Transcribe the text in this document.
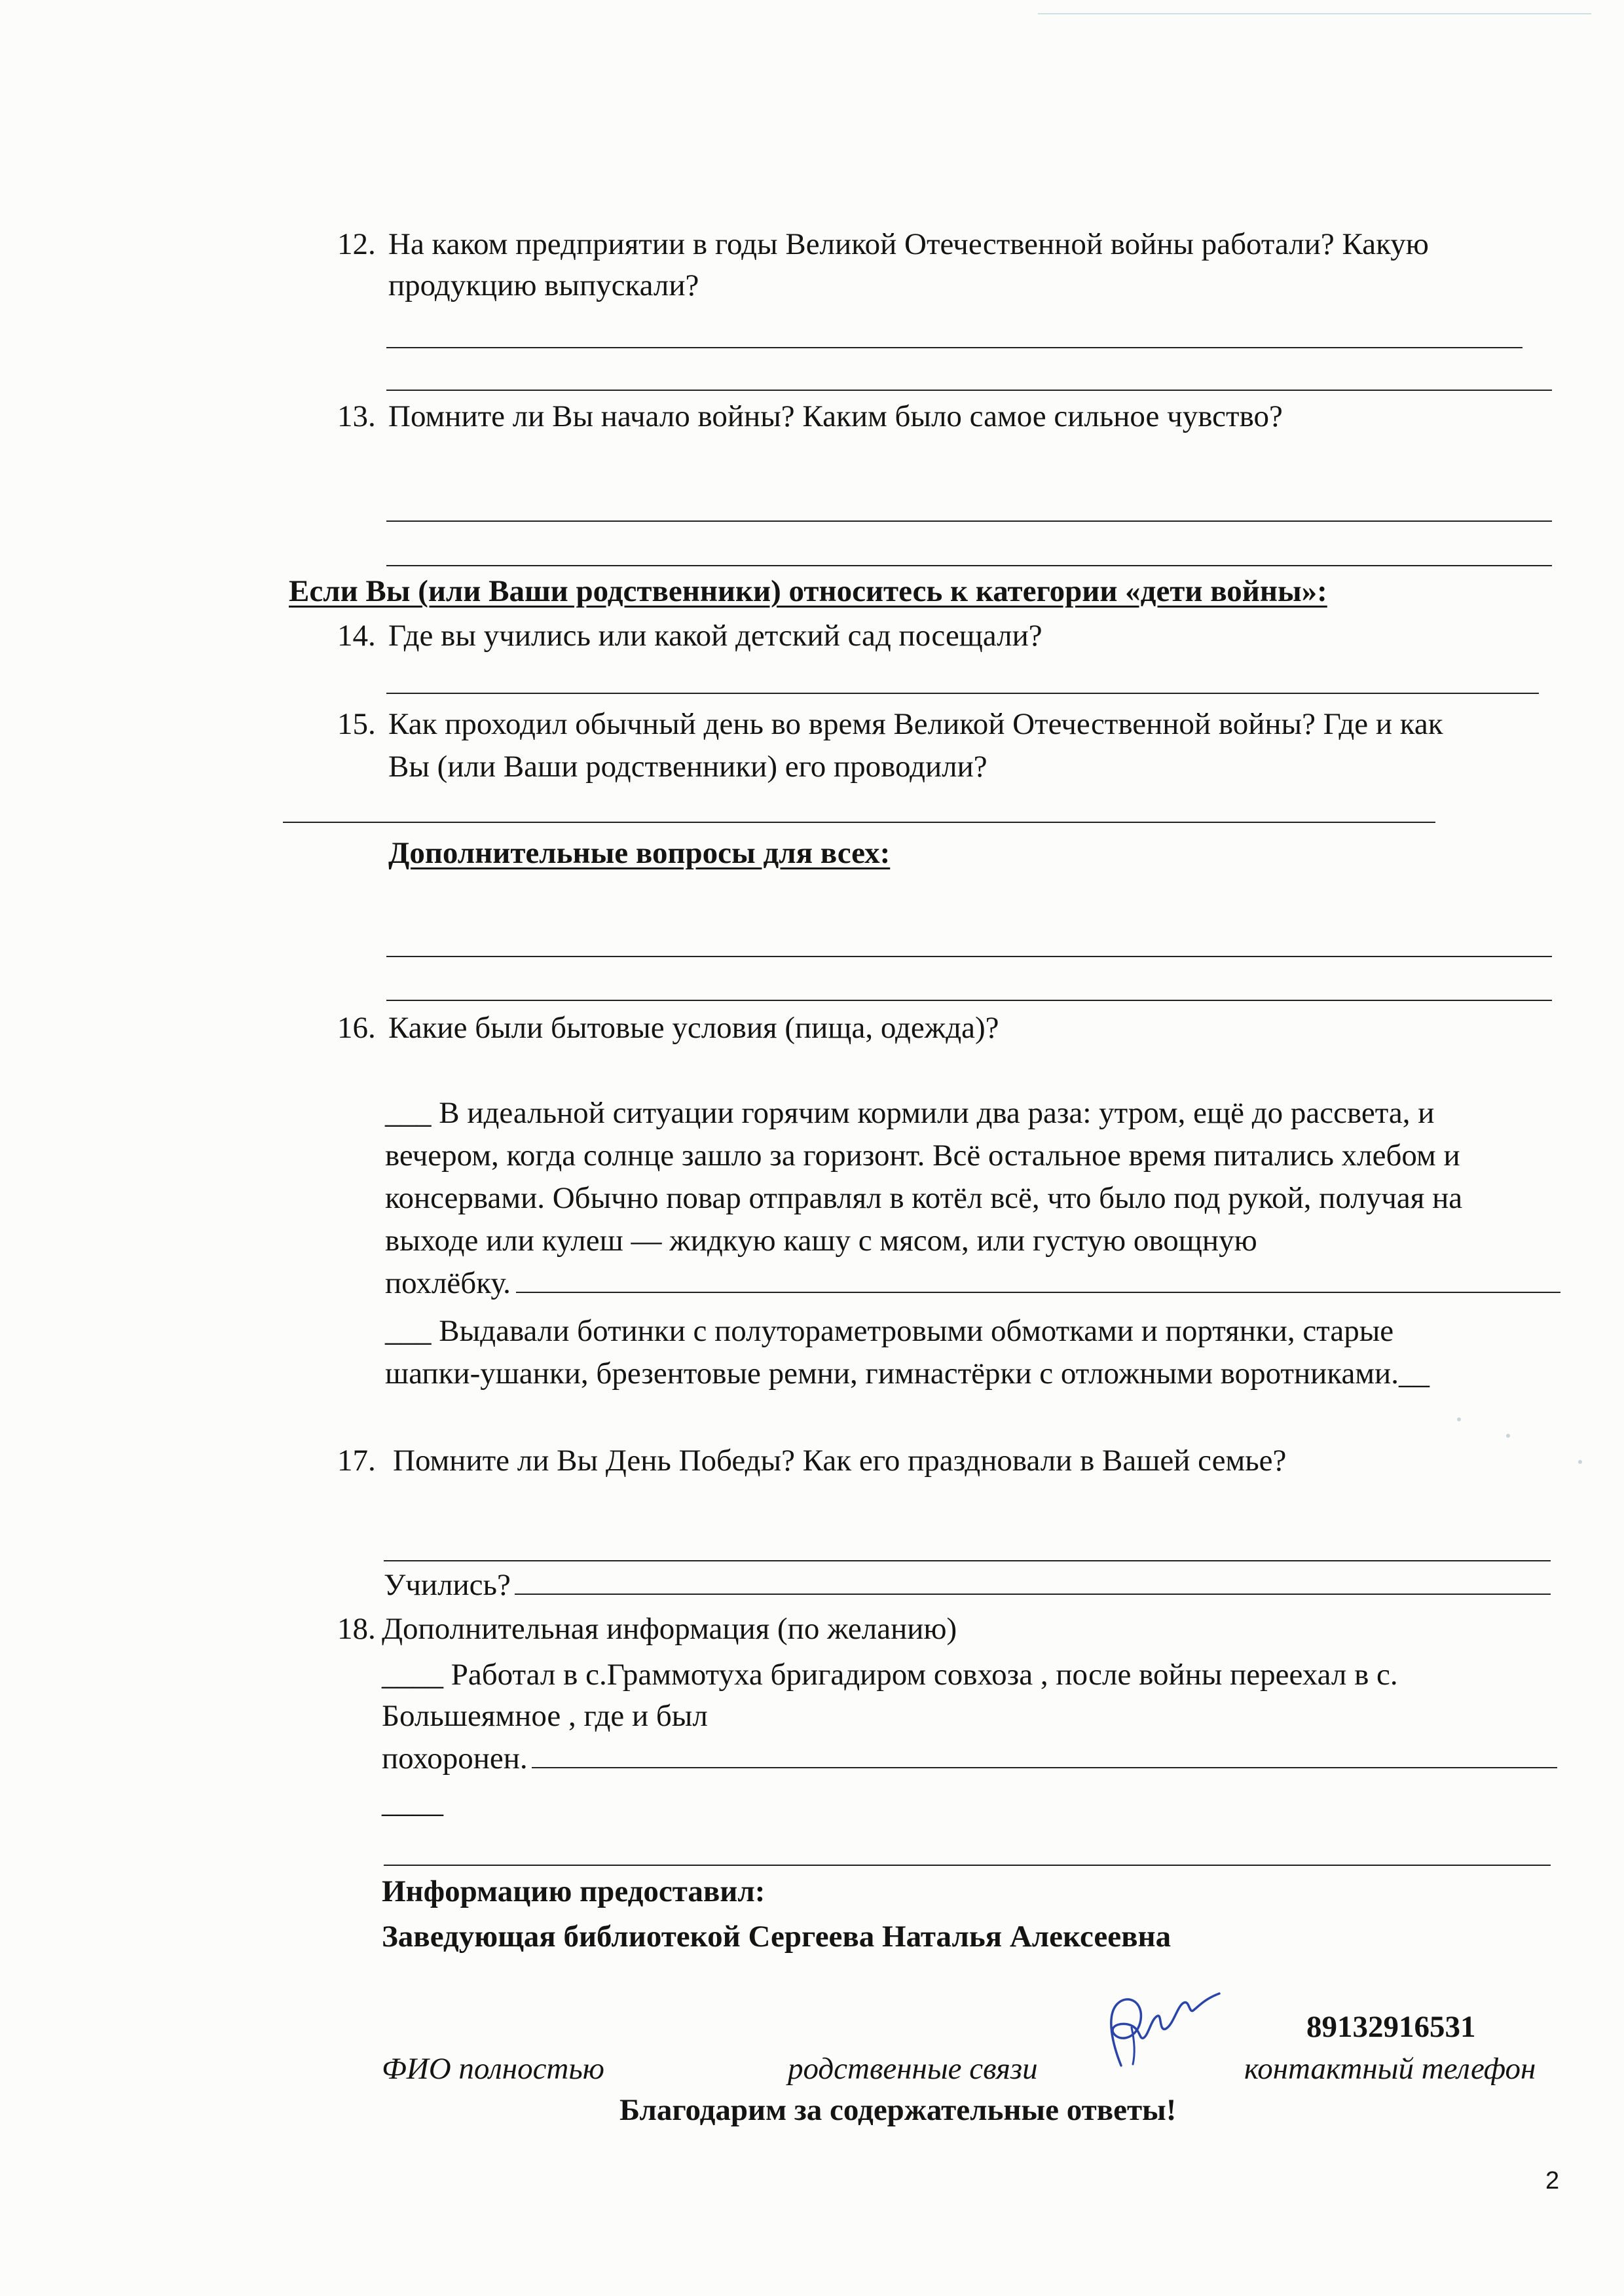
12. На каком предприятии в годы Великой Отечественной войны работали? Какую
продукцию выпускали?
13. Помните ли Вы начало войны? Каким было самое сильное чувство?
Если Вы (или Ваши родственники) относитесь к категории «дети войны»:
14. Где вы учились или какой детский сад посещали?
15. Как проходил обычный день во время Великой Отечественной войны? Где и как
Вы (или Ваши родственники) его проводили?
Дополнительные вопросы для всех:
16. Какие были бытовые условия (пища, одежда)?
___ В идеальной ситуации горячим кормили два раза: утром, ещё до рассвета, и
вечером, когда солнце зашло за горизонт. Всё остальное время питались хлебом и
консервами. Обычно повар отправлял в котёл всё, что было под рукой, получая на
выходе или кулеш — жидкую кашу с мясом, или густую овощную
похлёбку.
___ Выдавали ботинки с полутораметровыми обмотками и портянки, старые
шапки-ушанки, брезентовые ремни, гимнастёрки с отложными воротниками.__
17. Помните ли Вы День Победы? Как его праздновали в Вашей семье?
Учились?
18. Дополнительная информация (по желанию)
____ Работал в с.Граммотуха бригадиром совхоза , после войны переехал в с.
Большеямное , где и был
похоронен.
____
Информацию предоставил:
Заведующая библиотекой Сергеева Наталья Алексеевна
89132916531
ФИО полностью	родственные связи	контактный телефон
Благодарим за содержательные ответы!
2
